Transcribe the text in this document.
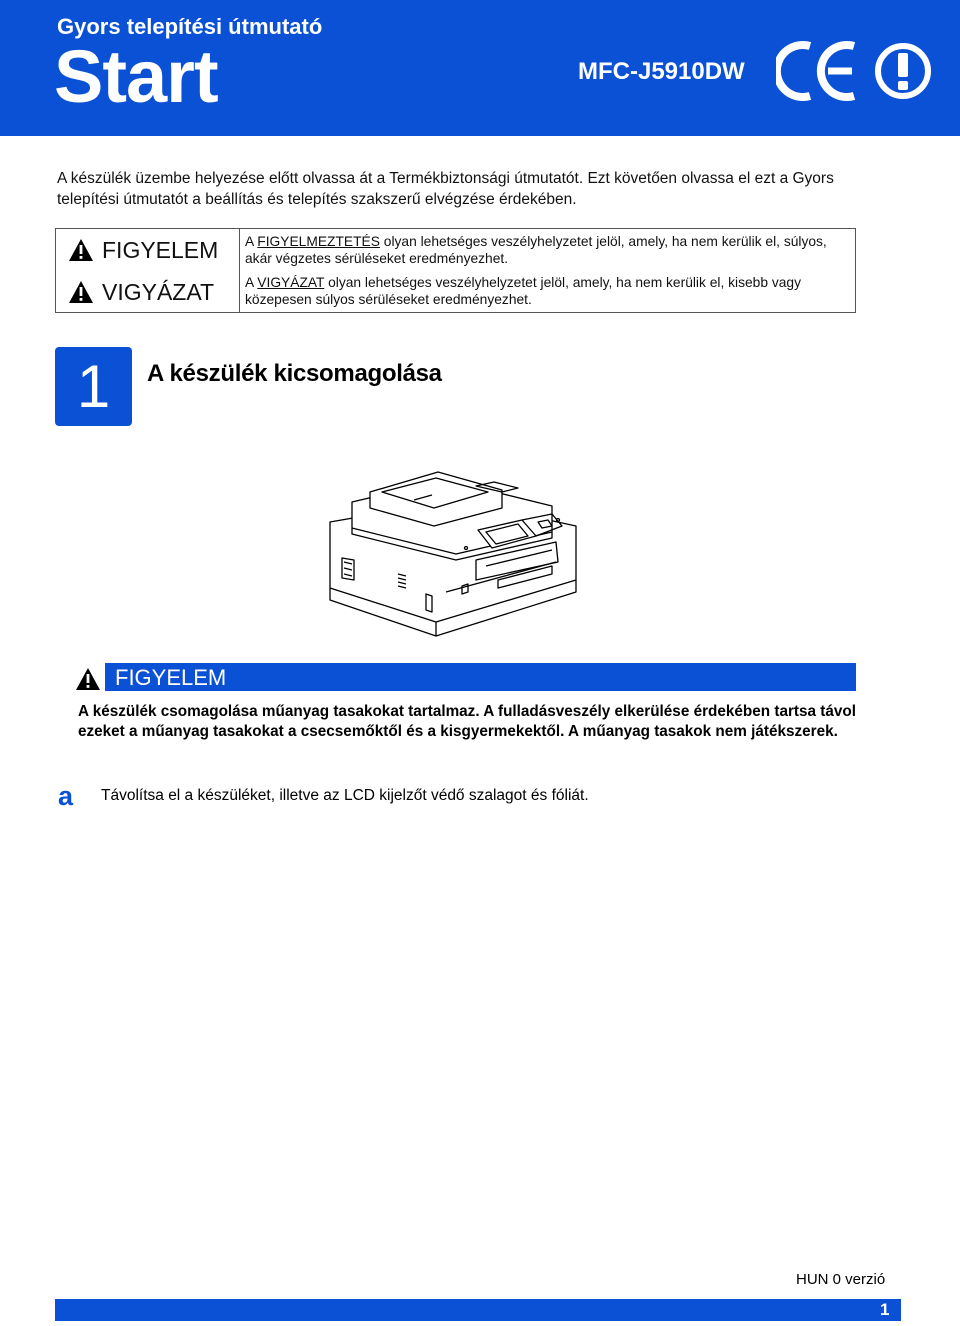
Gyors telepítési útmutató
Start	MFC-J5910DW
A készülék üzembe helyezése előtt olvassa át a Termékbiztonsági útmutatót. Ezt követően olvassa el ezt a Gyors telepítési útmutatót a beállítás és telepítés szakszerű elvégzése érdekében.
FIGYELEM A FIGYELMEZTETÉS olyan lehetséges veszélyhelyzetet jelöl, amely, ha nem kerülik el, súlyos, akár végzetes sérüléseket eredményezhet.
VIGYÁZAT A VIGYÁZAT olyan lehetséges veszélyhelyzetet jelöl, amely, ha nem kerülik el, kisebb vagy közepesen súlyos sérüléseket eredményezhet.
1	A készülék kicsomagolása
FIGYELEM
A készülék csomagolása műanyag tasakokat tartalmaz. A fulladásveszély elkerülése érdekében tartsa távol ezeket a műanyag tasakokat a csecsemőktől és a kisgyermekektől. A műanyag tasakok nem játékszerek.
a Távolítsa el a készüléket, illetve az LCD kijelzőt védő szalagot és fóliát.
HUN 0 verzió
1
